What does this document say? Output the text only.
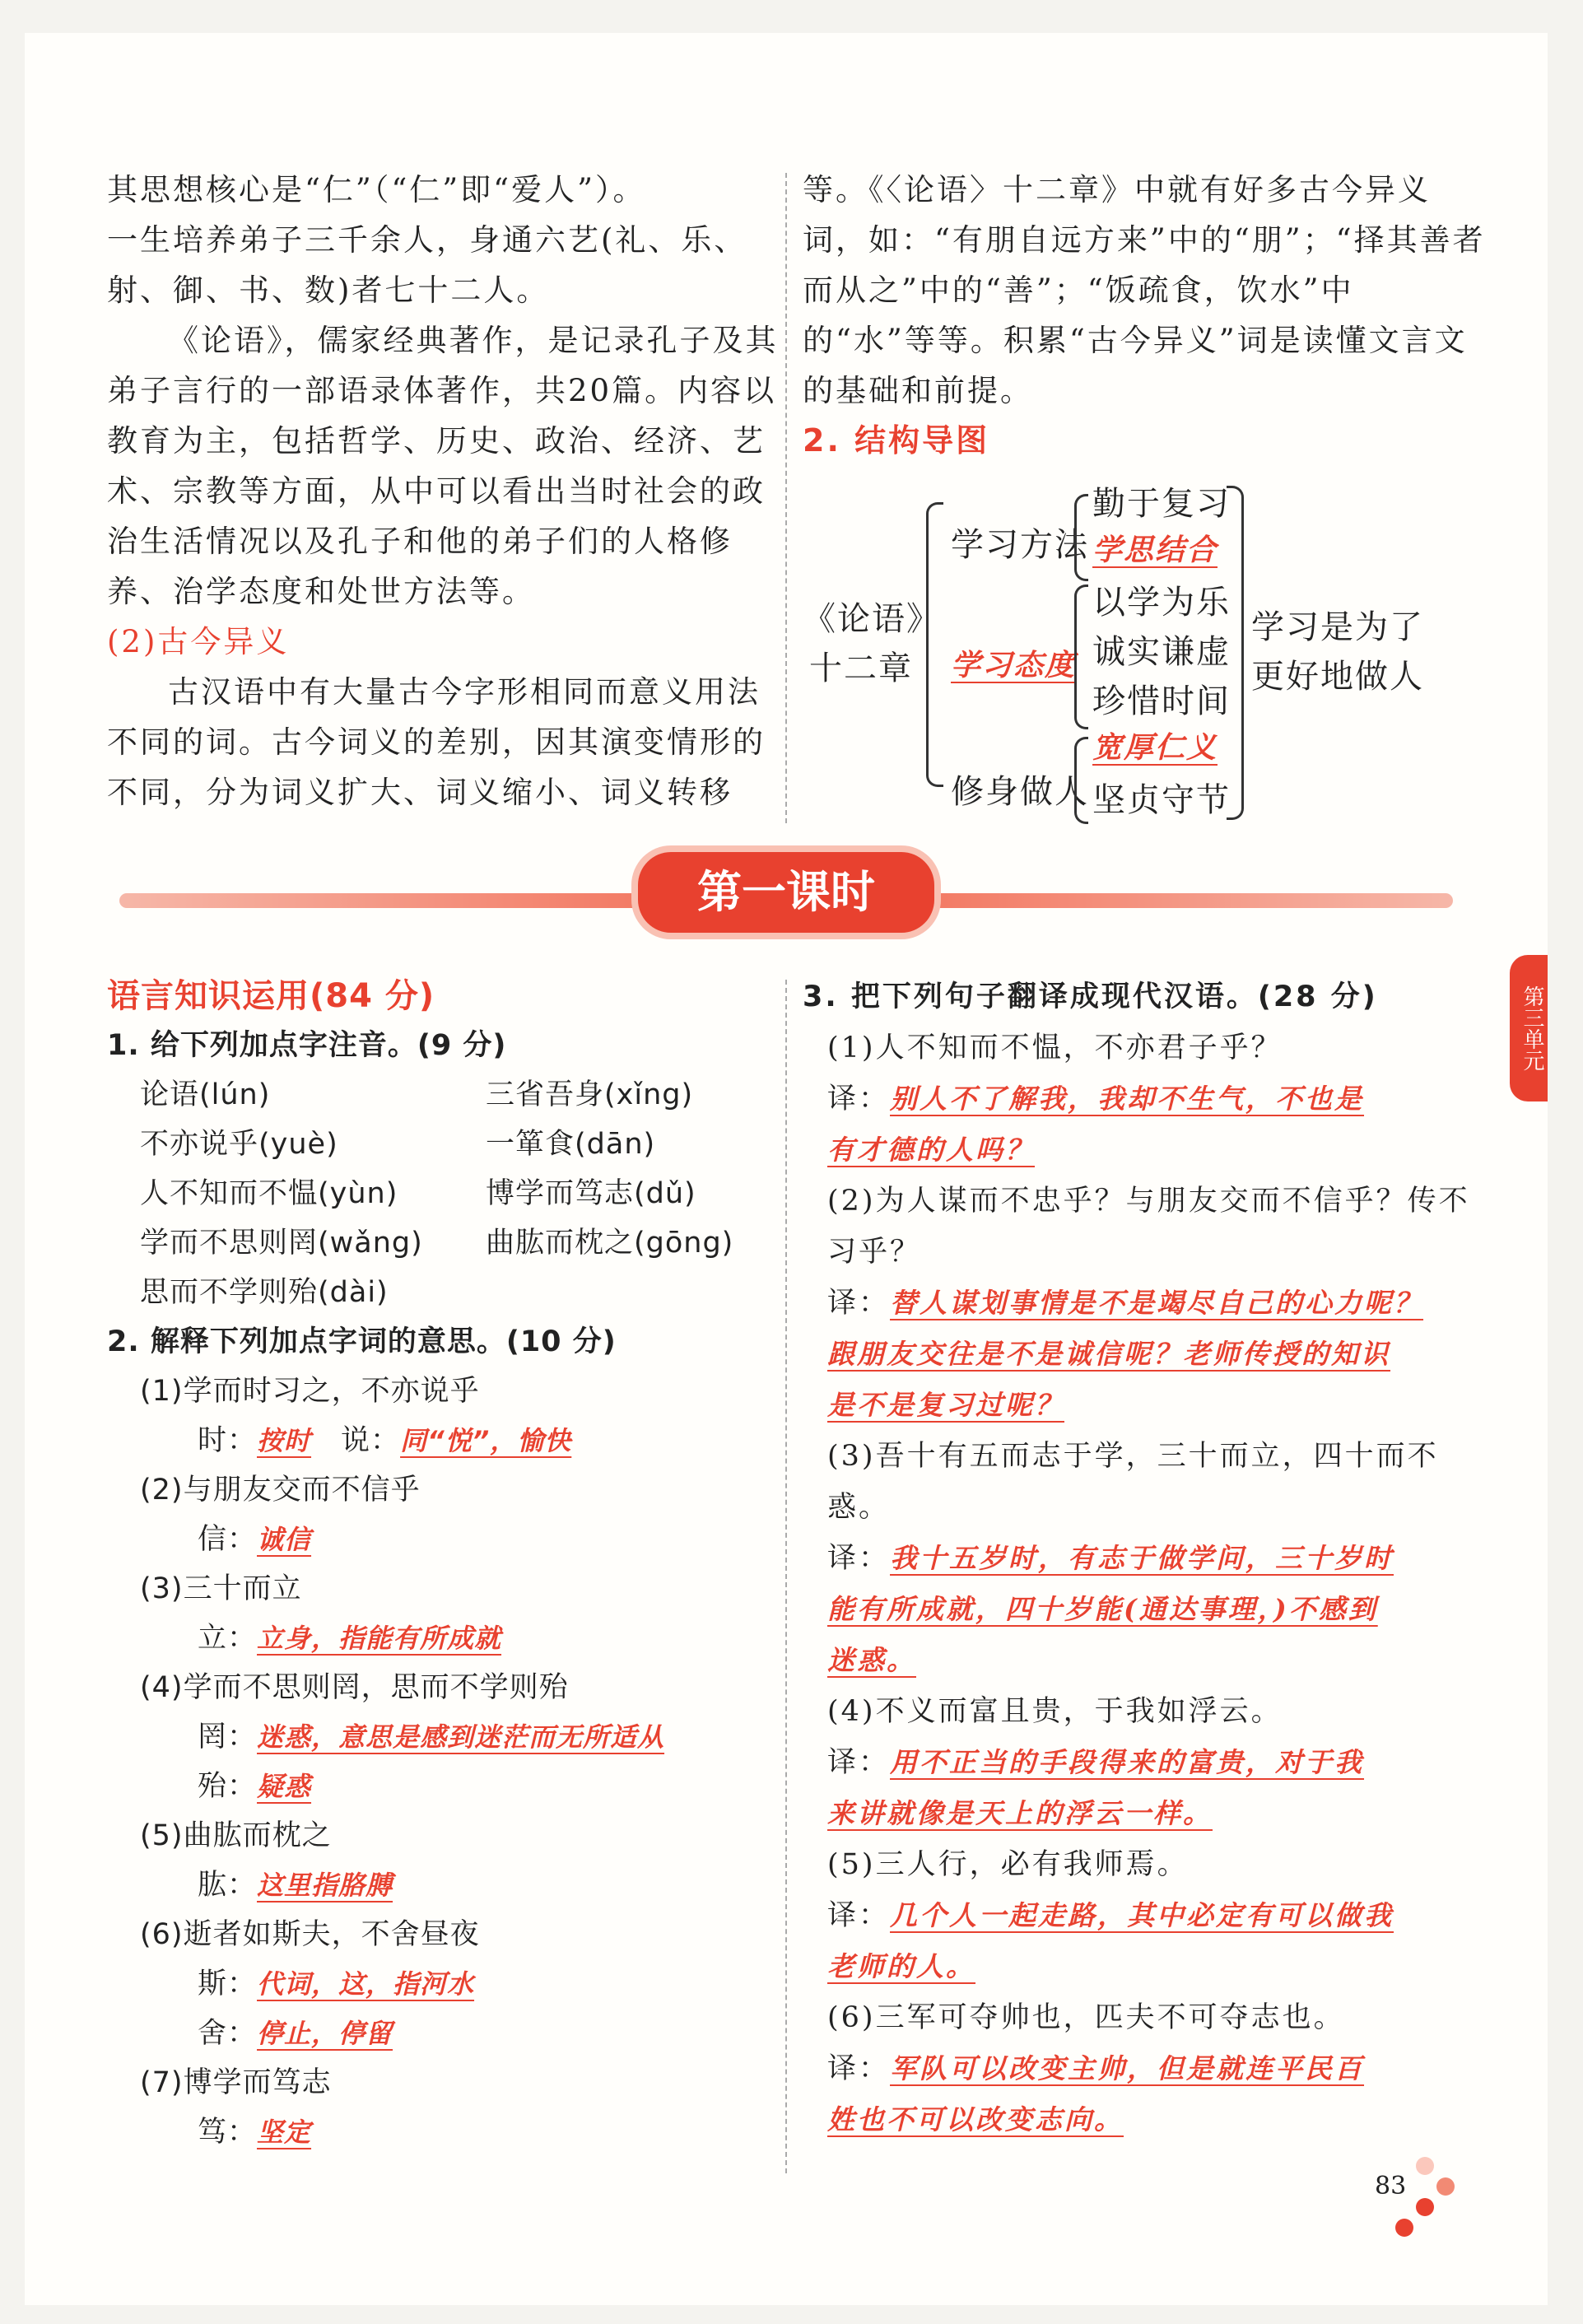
其思想核心是“仁”（“仁”即“爱人”）。
一生培养弟子三千余人，身通六艺(礼、乐、
射、御、书、数)者七十二人。

《论语》，儒家经典著作，是记录孔子及其弟子言行的一部语录体著作，共20篇。内容以教育为主，包括哲学、历史、政治、经济、艺术、宗教等方面，从中可以看出当时社会的政治生活情况以及孔子和他的弟子们的人格修养、治学态度和处世方法等。

(2)古今异义

古汉语中有大量古今字形相同而意义用法不同的词。古今词义的差别，因其演变情形的不同，分为词义扩大、词义缩小、词义转移

等。《〈论语〉十二章》中就有好多古今异义词，如：“有朋自远方来”中的“朋”；“择其善者而从之”中的“善”；“饭疏食，饮水”中的“水”等等。积累“古今异义”词是读懂文言文的基础和前提。

2. 结构导图
《论语》
十二章
学习方法
勤于复习
学思结合
学习态度
以学为乐
诚实谦虚
珍惜时间
修身做人
宽厚仁义
坚贞守节
学习是为了
更好地做人
第一课时
第三单元
语言知识运用(84 分)
1. 给下列加点字注音。(9 分)
论语(lún)	三省吾身(xǐng)
不亦说乎(yuè)	一箪食(dān)
人不知而不愠(yùn)	博学而笃志(dǔ)
学而不思则罔(wǎng)	曲肱而枕之(gōng)
思而不学则殆(dài)
2. 解释下列加点字词的意思。(10 分)
(1)学而时习之，不亦说乎
时：按时　 说：同“悦”，愉快
(2)与朋友交而不信乎
信：诚信
(3)三十而立
立：立身，指能有所成就
(4)学而不思则罔，思而不学则殆
罔：迷惑，意思是感到迷茫而无所适从
殆：疑惑
(5)曲肱而枕之
肱：这里指胳膊
(6)逝者如斯夫，不舍昼夜
斯：代词，这，指河水
舍：停止，停留
(7)博学而笃志
笃：坚定
3. 把下列句子翻译成现代汉语。(28 分)
(1)人不知而不愠，不亦君子乎？
译：别人不了解我，我却不生气，不也是
有才德的人吗？
(2)为人谋而不忠乎？与朋友交而不信乎？传不习乎？
译：替人谋划事情是不是竭尽自己的心力呢？
跟朋友交往是不是诚信呢？老师传授的知识
是不是复习过呢？
(3)吾十有五而志于学，三十而立，四十而不惑。
译：我十五岁时，有志于做学问，三十岁时
能有所成就，四十岁能(通达事理，)不感到
迷惑。
(4)不义而富且贵，于我如浮云。
译：用不正当的手段得来的富贵，对于我
来讲就像是天上的浮云一样。
(5)三人行，必有我师焉。
译：几个人一起走路，其中必定有可以做我
老师的人。
(6)三军可夺帅也，匹夫不可夺志也。
译：军队可以改变主帅，但是就连平民百
姓也不可以改变志向。
83
